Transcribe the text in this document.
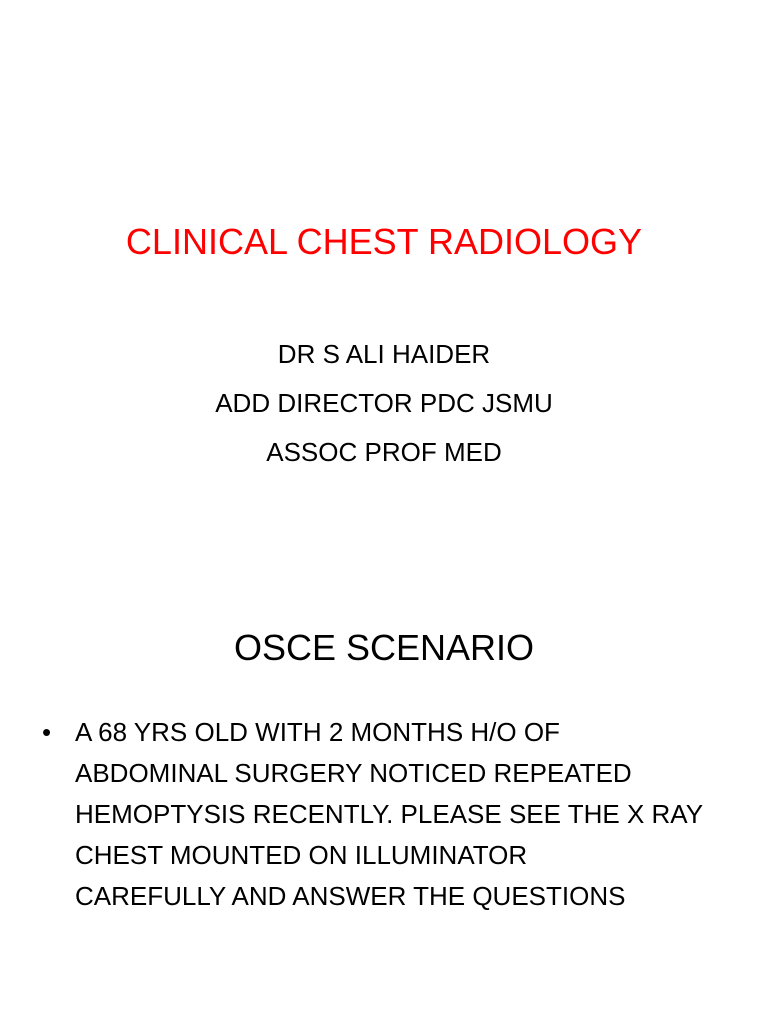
CLINICAL CHEST RADIOLOGY
DR S ALI HAIDER
ADD DIRECTOR PDC JSMU
ASSOC PROF MED
OSCE SCENARIO
• A 68 YRS OLD WITH 2 MONTHS H/O OF
ABDOMINAL SURGERY NOTICED REPEATED
HEMOPTYSIS RECENTLY. PLEASE SEE THE X RAY
CHEST MOUNTED ON ILLUMINATOR
CAREFULLY AND ANSWER THE QUESTIONS
